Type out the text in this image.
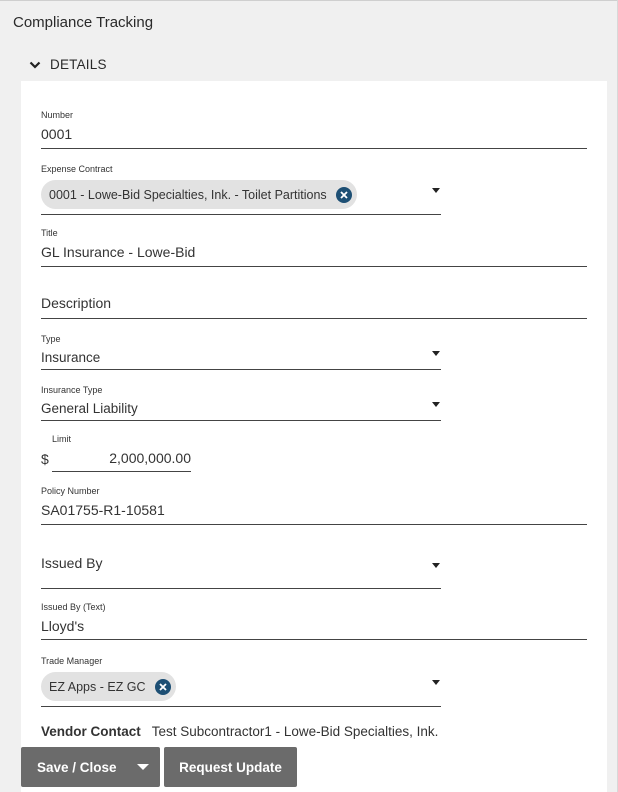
Compliance Tracking
DETAILS
Number
0001
Expense Contract
0001 - Lowe-Bid Specialties, Ink. - Toilet Partitions
Title
GL Insurance - Lowe-Bid
Description
Type
Insurance
Insurance Type
General Liability
Limit
$	2,000,000.00
Policy Number
SA01755-R1-10581
Issued By
Issued By (Text)
Lloyd's
Trade Manager
EZ Apps - EZ GC
Vendor Contact Test Subcontractor1 - Lowe-Bid Specialties, Ink.
Save / Close	Request Update
